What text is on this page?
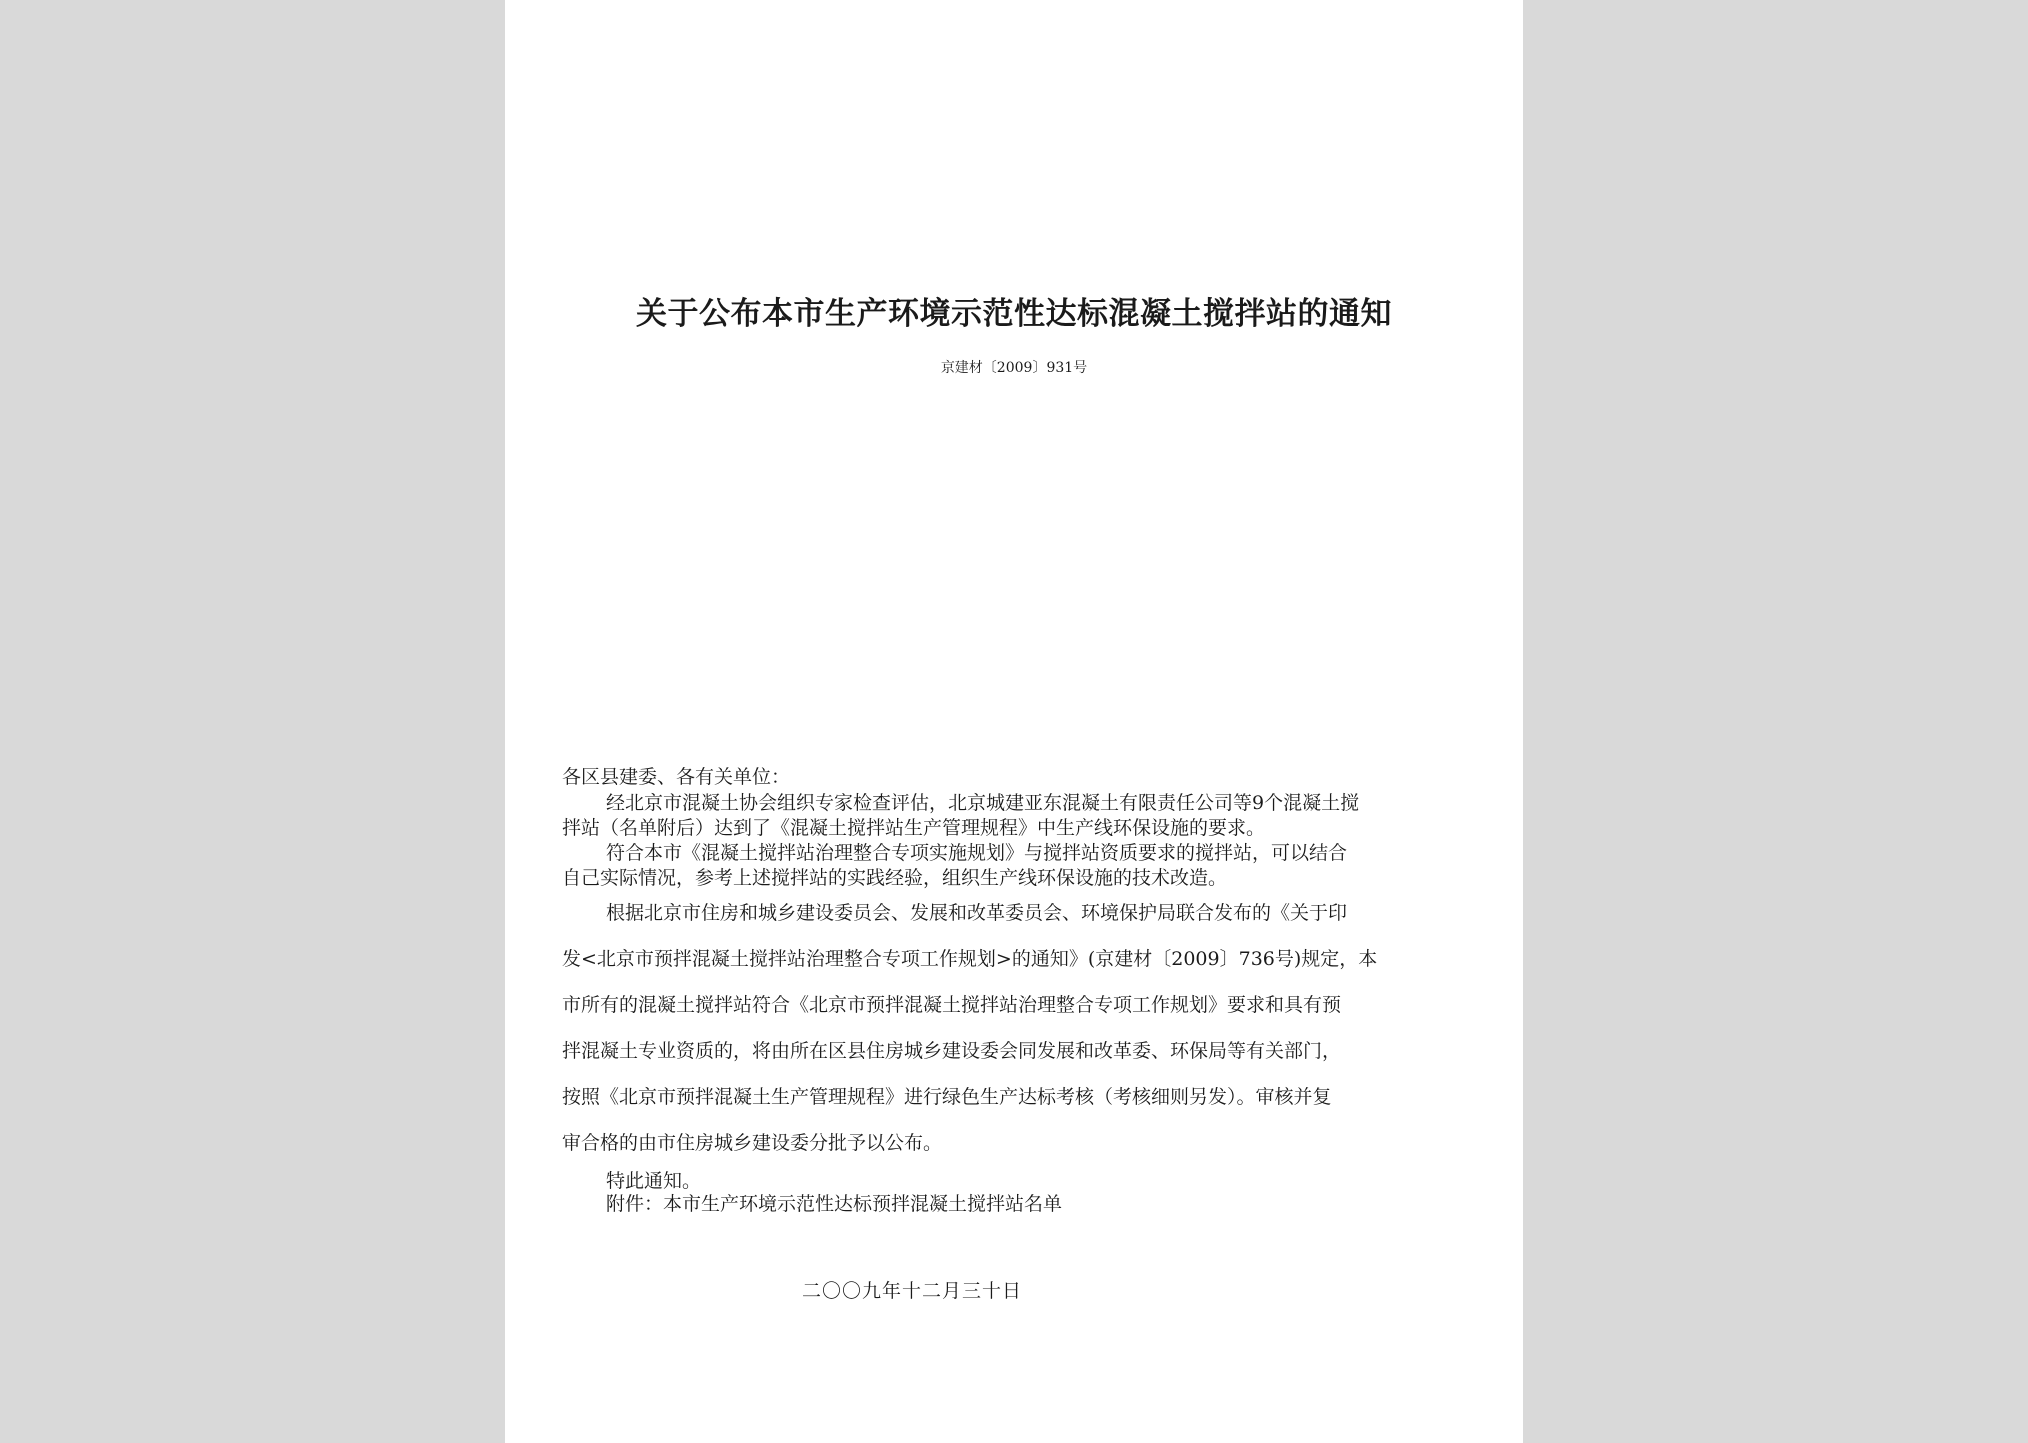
关于公布本市生产环境示范性达标混凝土搅拌站的通知
京建材〔2009〕931号
各区县建委、各有关单位：
经北京市混凝土协会组织专家检查评估，北京城建亚东混凝土有限责任公司等9个混凝土搅
拌站（名单附后）达到了《混凝土搅拌站生产管理规程》中生产线环保设施的要求。
符合本市《混凝土搅拌站治理整合专项实施规划》与搅拌站资质要求的搅拌站，可以结合
自己实际情况，参考上述搅拌站的实践经验，组织生产线环保设施的技术改造。
根据北京市住房和城乡建设委员会、发展和改革委员会、环境保护局联合发布的《关于印
发<北京市预拌混凝土搅拌站治理整合专项工作规划>的通知》(京建材〔2009〕736号)规定，本
市所有的混凝土搅拌站符合《北京市预拌混凝土搅拌站治理整合专项工作规划》要求和具有预
拌混凝土专业资质的，将由所在区县住房城乡建设委会同发展和改革委、环保局等有关部门，
按照《北京市预拌混凝土生产管理规程》进行绿色生产达标考核（考核细则另发）。审核并复
审合格的由市住房城乡建设委分批予以公布。
特此通知。
附件：本市生产环境示范性达标预拌混凝土搅拌站名单
二〇〇九年十二月三十日
